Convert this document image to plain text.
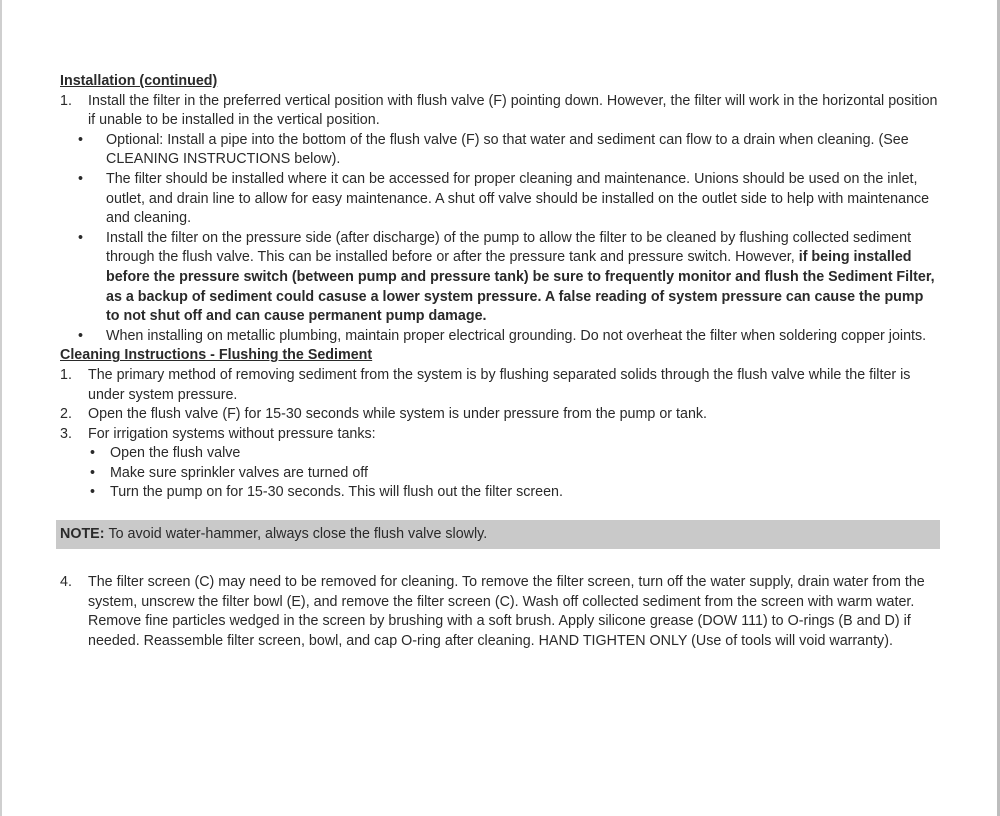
Installation (continued)

1. Install the filter in the preferred vertical position with flush valve (F) pointing down. However, the filter will work in the horizontal position if unable to be installed in the vertical position.
• Optional: Install a pipe into the bottom of the flush valve (F) so that water and sediment can flow to a drain when cleaning. (See CLEANING INSTRUCTIONS below).
• The filter should be installed where it can be accessed for proper cleaning and maintenance. Unions should be used on the inlet, outlet, and drain line to allow for easy maintenance. A shut off valve should be installed on the outlet side to help with maintenance and cleaning.
• Install the filter on the pressure side (after discharge) of the pump to allow the filter to be cleaned by flushing collected sediment through the flush valve. This can be installed before or after the pressure tank and pressure switch. However, if being installed before the pressure switch (between pump and pressure tank) be sure to frequently monitor and flush the Sediment Filter, as a backup of sediment could casuse a lower system pressure. A false reading of system pressure can cause the pump to not shut off and can cause permanent pump damage.
• When installing on metallic plumbing, maintain proper electrical grounding. Do not overheat the filter when soldering copper joints.

Cleaning Instructions - Flushing the Sediment

1. The primary method of removing sediment from the system is by flushing separated solids through the flush valve while the filter is under system pressure.
2. Open the flush valve (F) for 15-30 seconds while system is under pressure from the pump or tank.
3. For irrigation systems without pressure tanks:
• Open the flush valve
• Make sure sprinkler valves are turned off
• Turn the pump on for 15-30 seconds. This will flush out the filter screen.
NOTE: To avoid water-hammer, always close the flush valve slowly.
4. The filter screen (C) may need to be removed for cleaning. To remove the filter screen, turn off the water supply, drain water from the system, unscrew the filter bowl (E), and remove the filter screen (C). Wash off collected sediment from the screen with warm water. Remove fine particles wedged in the screen by brushing with a soft brush. Apply silicone grease (DOW 111) to O-rings (B and D) if needed. Reassemble filter screen, bowl, and cap O-ring after cleaning. HAND TIGHTEN ONLY (Use of tools will void warranty).
